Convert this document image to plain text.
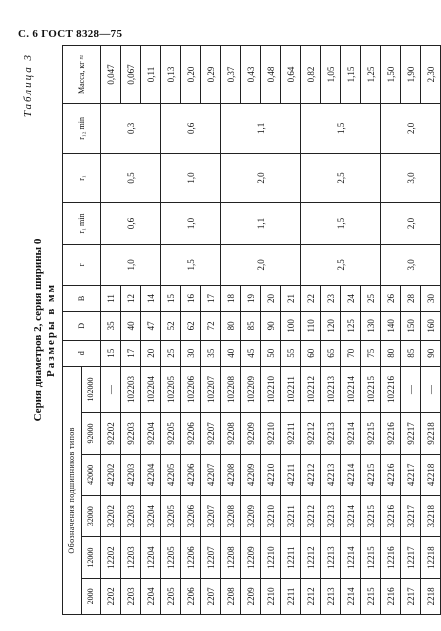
С. 6 ГОСТ 8328—75
Таблица 3
Серия диаметров 2, серия ширины 0 Размеры в мм
Обозначения подшипников типов						d	D	B	r	r₁ min	r₁	r₁₂ min	Масса, кг ≈
2000	12000	32000	42000	92000	102000								
2202	12202	32202	42202	92202	—	15	35	11	1,0	0,6	0,5	0,3	0,047
2203	12203	32203	42203	92203	102203	17	40	12					0,067
2204	12204	32204	42204	92204	102204	20	47	14					0,11
2205	12205	32205	42205	92205	102205	25	52	15	1,5	1,0	1,0	0,6	0,13
2206	12206	32206	42206	92206	102206	30	62	16					0,20
2207	12207	32207	42207	92207	102207	35	72	17					0,29
2208	12208	32208	42208	92208	102208	40	80	18	2,0	1,1	2,0	1,1	0,37
2209	12209	32209	42209	92209	102209	45	85	19					0,43
2210	12210	32210	42210	92210	102210	50	90	20					0,48
2211	12211	32211	42211	92211	102211	55	100	21					0,64
2212	12212	32212	42212	92212	102212	60	110	22	2,5	1,5	2,5	1,5	0,82
2213	12213	32213	42213	92213	102213	65	120	23					1,05
2214	12214	32214	42214	92214	102214	70	125	24					1,15
2215	12215	32215	42215	92215	102215	75	130	25					1,25
2216	12216	32216	42216	92216	102216	80	140	26	3,0	2,0	3,0	2,0	1,50
2217	12217	32217	42217	92217	—	85	150	28					1,90
2218	12218	32218	42218	92218	—	90	160	30					2,30
